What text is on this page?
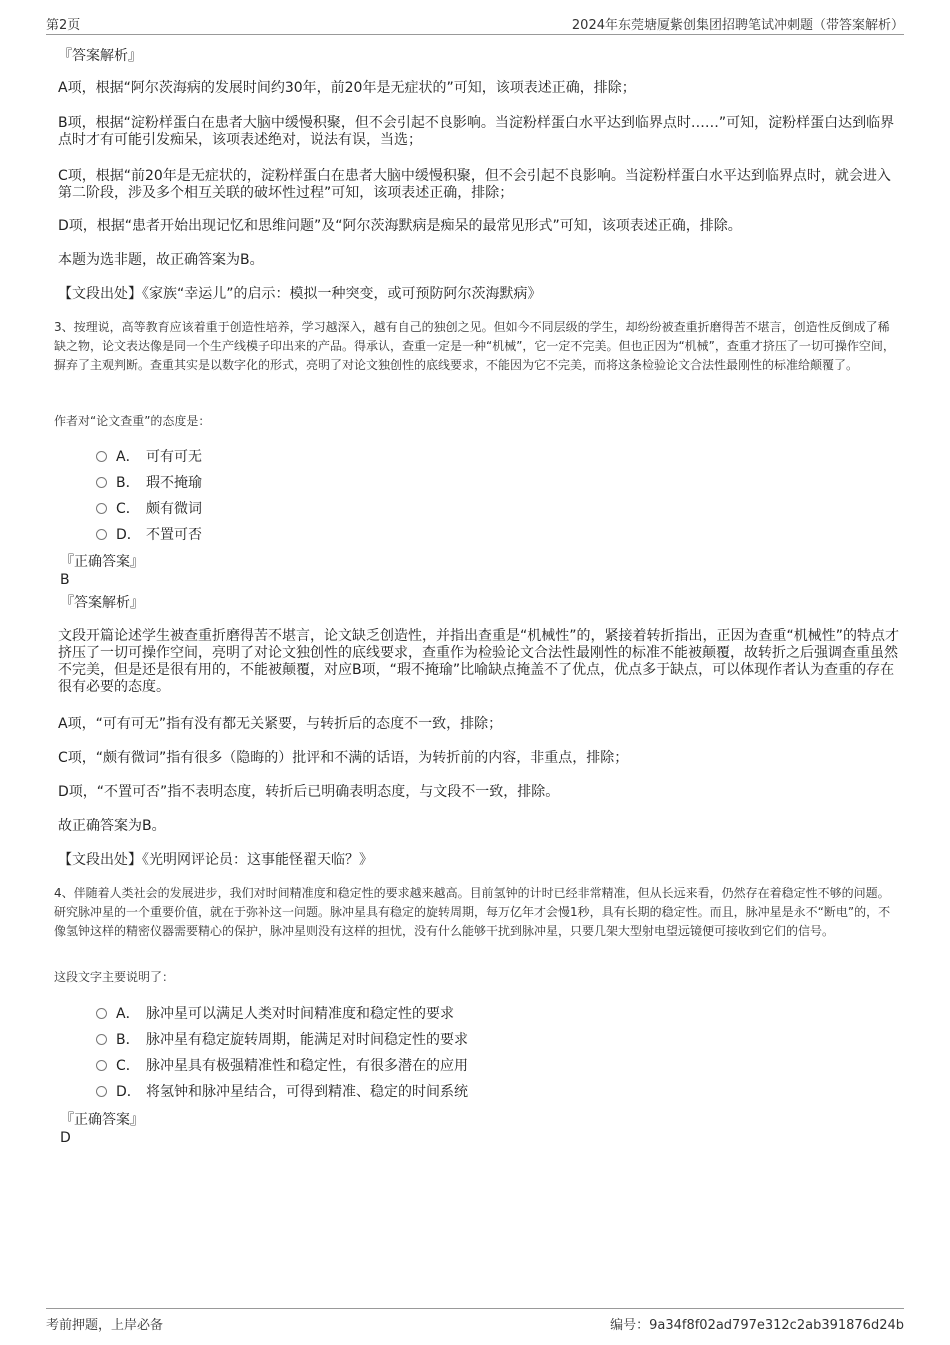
第2页	2024年东莞塘厦紫创集团招聘笔试冲刺题（带答案解析）
『答案解析』
A项，根据“阿尔茨海病的发展时间约30年，前20年是无症状的”可知，该项表述正确，排除；
B项，根据“淀粉样蛋白在患者大脑中缓慢积聚，但不会引起不良影响。当淀粉样蛋白水平达到临界点时……”可知，淀粉样蛋白达到临界点时才有可能引发痴呆，该项表述绝对，说法有误，当选；
C项，根据“前20年是无症状的，淀粉样蛋白在患者大脑中缓慢积聚，但不会引起不良影响。当淀粉样蛋白水平达到临界点时，就会进入第二阶段，涉及多个相互关联的破坏性过程”可知，该项表述正确，排除；
D项，根据“患者开始出现记忆和思维问题”及“阿尔茨海默病是痴呆的最常见形式”可知，该项表述正确，排除。
本题为选非题，故正确答案为B。
【文段出处】《家族“幸运儿”的启示：模拟一种突变，或可预防阿尔茨海默病》
3、按理说，高等教育应该着重于创造性培养，学习越深入，越有自己的独创之见。但如今不同层级的学生，却纷纷被查重折磨得苦不堪言，创造性反倒成了稀缺之物，论文表达像是同一个生产线模子印出来的产品。得承认，查重一定是一种“机械”，它一定不完美。但也正因为“机械”，查重才挤压了一切可操作空间，摒弃了主观判断。查重其实是以数字化的形式，亮明了对论文独创性的底线要求，不能因为它不完美，而将这条检验论文合法性最刚性的标准给颠覆了。
作者对“论文查重”的态度是：
A． 可有可无
B． 瑕不掩瑜
C． 颇有微词
D． 不置可否
『正确答案』
B
『答案解析』
文段开篇论述学生被查重折磨得苦不堪言，论文缺乏创造性，并指出查重是“机械性”的，紧接着转折指出，正因为查重“机械性”的特点才挤压了一切可操作空间，亮明了对论文独创性的底线要求，查重作为检验论文合法性最刚性的标准不能被颠覆，故转折之后强调查重虽然不完美，但是还是很有用的，不能被颠覆，对应B项，“瑕不掩瑜”比喻缺点掩盖不了优点，优点多于缺点，可以体现作者认为查重的存在很有必要的态度。
A项，“可有可无”指有没有都无关紧要，与转折后的态度不一致，排除；
C项，“颇有微词”指有很多（隐晦的）批评和不满的话语，为转折前的内容，非重点，排除；
D项，“不置可否”指不表明态度，转折后已明确表明态度，与文段不一致，排除。
故正确答案为B。
【文段出处】《光明网评论员：这事能怪翟天临？》
4、伴随着人类社会的发展进步，我们对时间精准度和稳定性的要求越来越高。目前氢钟的计时已经非常精准，但从长远来看，仍然存在着稳定性不够的问题。研究脉冲星的一个重要价值，就在于弥补这一问题。脉冲星具有稳定的旋转周期，每万亿年才会慢1秒，具有长期的稳定性。而且，脉冲星是永不“断电”的，不像氢钟这样的精密仪器需要精心的保护，脉冲星则没有这样的担忧，没有什么能够干扰到脉冲星，只要几架大型射电望远镜便可接收到它们的信号。
这段文字主要说明了：
A． 脉冲星可以满足人类对时间精准度和稳定性的要求
B． 脉冲星有稳定旋转周期，能满足对时间稳定性的要求
C． 脉冲星具有极强精准性和稳定性，有很多潜在的应用
D． 将氢钟和脉冲星结合，可得到精准、稳定的时间系统
『正确答案』
D
考前押题，上岸必备	编号：9a34f8f02ad797e312c2ab391876d24b
